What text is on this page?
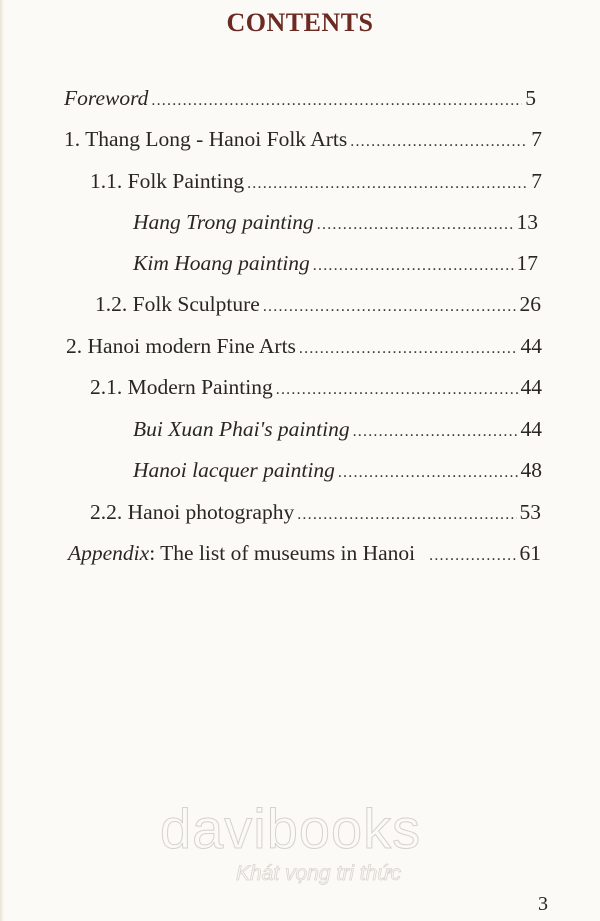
CONTENTS
Foreword .....	5
1. Thang Long - Hanoi Folk Arts .....	7
1.1. Folk Painting .....	7
Hang Trong painting .....	13
Kim Hoang painting .....	17
1.2. Folk Sculpture .....	26
2. Hanoi modern Fine Arts .....	44
2.1. Modern Painting .....	44
Bui Xuan Phai's painting .....	44
Hanoi lacquer painting .....	48
2.2. Hanoi photography .....	53
Appendix: The list of museums in Hanoi .....	61
davibooks
Khát vọng tri thức
3
